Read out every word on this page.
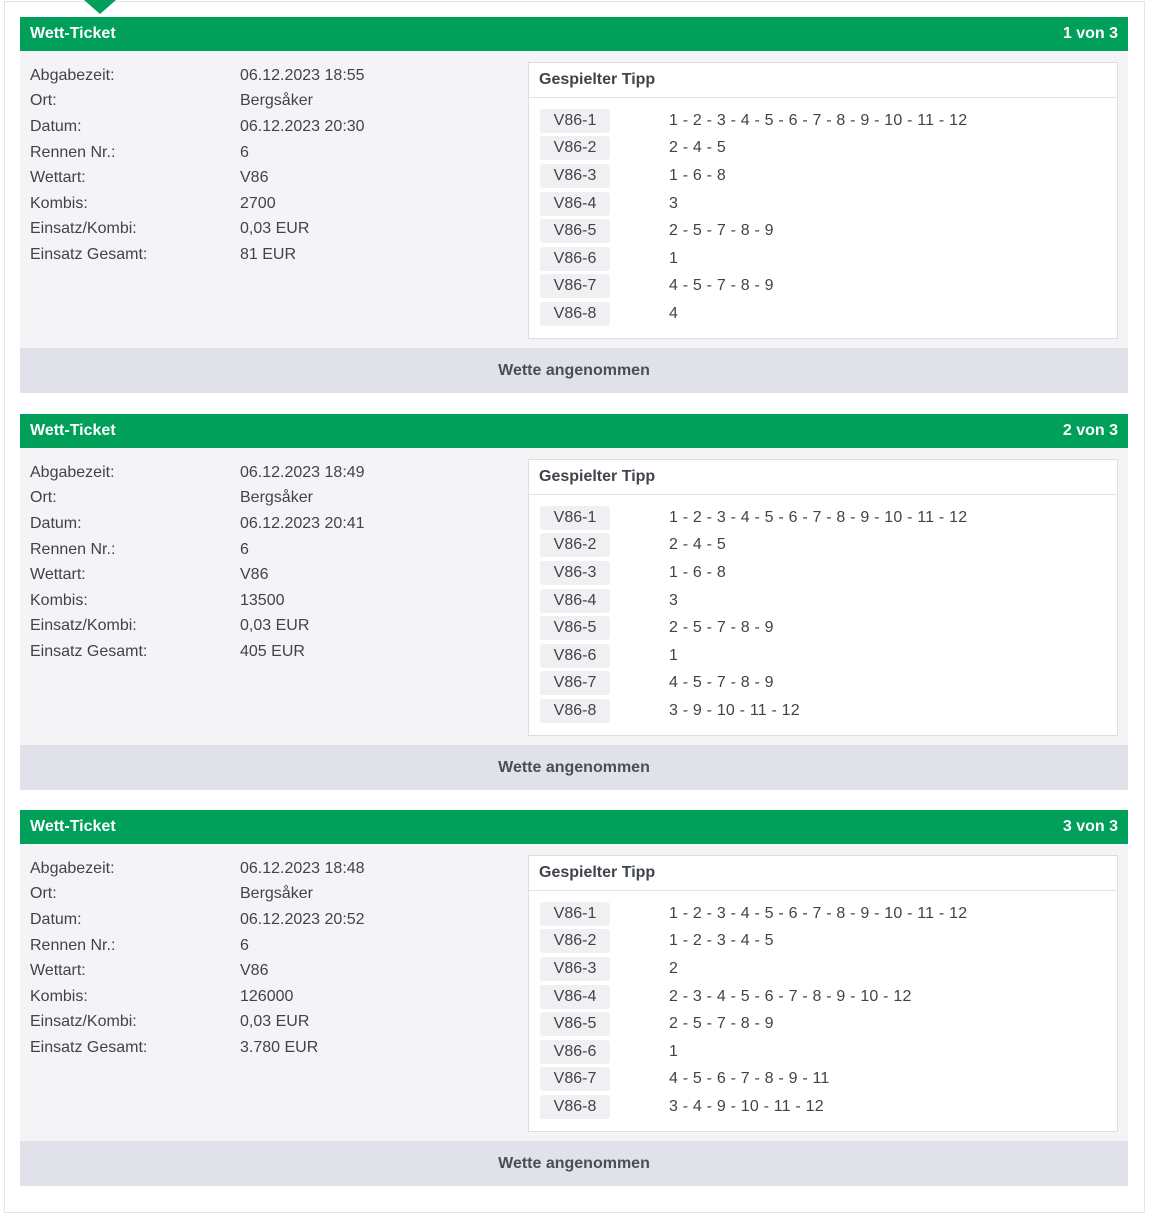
Wett-Ticket	1 von 3
Abgabezeit:	06.12.2023 18:55
Ort:	Bergsåker
Datum:	06.12.2023 20:30
Rennen Nr.:	6
Wettart:	V86
Kombis:	2700
Einsatz/Kombi:	0,03 EUR
Einsatz Gesamt:	81 EUR
Gespielter Tipp
V86-1	1 - 2 - 3 - 4 - 5 - 6 - 7 - 8 - 9 - 10 - 11 - 12
V86-2	2 - 4 - 5
V86-3	1 - 6 - 8
V86-4	3
V86-5	2 - 5 - 7 - 8 - 9
V86-6	1
V86-7	4 - 5 - 7 - 8 - 9
V86-8	4
Wette angenommen
Wett-Ticket	2 von 3
Abgabezeit:	06.12.2023 18:49
Ort:	Bergsåker
Datum:	06.12.2023 20:41
Rennen Nr.:	6
Wettart:	V86
Kombis:	13500
Einsatz/Kombi:	0,03 EUR
Einsatz Gesamt:	405 EUR
Gespielter Tipp
V86-1	1 - 2 - 3 - 4 - 5 - 6 - 7 - 8 - 9 - 10 - 11 - 12
V86-2	2 - 4 - 5
V86-3	1 - 6 - 8
V86-4	3
V86-5	2 - 5 - 7 - 8 - 9
V86-6	1
V86-7	4 - 5 - 7 - 8 - 9
V86-8	3 - 9 - 10 - 11 - 12
Wette angenommen
Wett-Ticket	3 von 3
Abgabezeit:	06.12.2023 18:48
Ort:	Bergsåker
Datum:	06.12.2023 20:52
Rennen Nr.:	6
Wettart:	V86
Kombis:	126000
Einsatz/Kombi:	0,03 EUR
Einsatz Gesamt:	3.780 EUR
Gespielter Tipp
V86-1	1 - 2 - 3 - 4 - 5 - 6 - 7 - 8 - 9 - 10 - 11 - 12
V86-2	1 - 2 - 3 - 4 - 5
V86-3	2
V86-4	2 - 3 - 4 - 5 - 6 - 7 - 8 - 9 - 10 - 12
V86-5	2 - 5 - 7 - 8 - 9
V86-6	1
V86-7	4 - 5 - 6 - 7 - 8 - 9 - 11
V86-8	3 - 4 - 9 - 10 - 11 - 12
Wette angenommen
